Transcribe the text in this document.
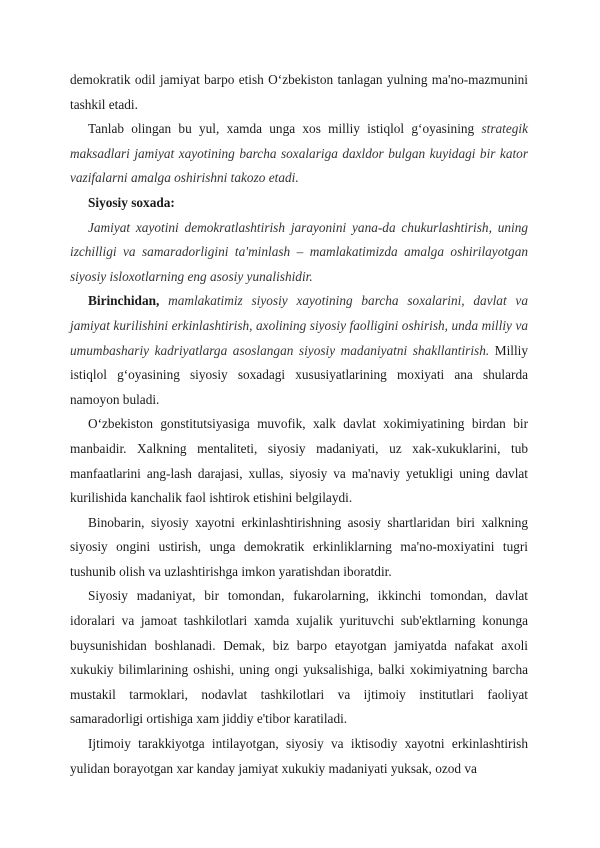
demokratik odil jamiyat barpo etish O‘zbekiston tanlagan yulning ma'no-mazmunini tashkil etadi.

Tanlab olingan bu yul, xamda unga xos milliy istiqlol g‘oyasining strategik maksadlari jamiyat xayotining barcha soxalariga daxldor bulgan kuyidagi bir kator vazifalarni amalga oshirishni takozo etadi.

Siyosiy soxada:

Jamiyat xayotini demokratlashtirish jarayonini yana-da chukurlashtirish, uning izchilligi va samaradorligini ta'minlash – mamlakatimizda amalga oshirilayotgan siyosiy isloxotlarning eng asosiy yunalishidir.

Birinchidan, mamlakatimiz siyosiy xayotining barcha soxalarini, davlat va jamiyat kurilishini erkinlashtirish, axolining siyosiy faolligini oshirish, unda milliy va umumbashariy kadriyatlarga asoslangan siyosiy madaniyatni shakllantirish. Milliy istiqlol g‘oyasining siyosiy soxadagi xususiyatlarining moxiyati ana shularda namoyon buladi.

O‘zbekiston gonstitutsiyasiga muvofik, xalk davlat xokimiyatining birdan bir manbaidir. Xalkning mentaliteti, siyosiy madaniyati, uz xak-xukuklarini, tub manfaatlarini ang-lash darajasi, xullas, siyosiy va ma'naviy yetukligi uning davlat kurilishida kanchalik faol ishtirok etishini belgilaydi.

Binobarin, siyosiy xayotni erkinlashtirishning asosiy shartlaridan biri xalkning siyosiy ongini ustirish, unga demokratik erkinliklarning ma'no-moxiyatini tugri tushunib olish va uzlashtirishga imkon yaratishdan iboratdir.

Siyosiy madaniyat, bir tomondan, fukarolarning, ikkinchi tomondan, davlat idoralari va jamoat tashkilotlari xamda xujalik yurituvchi sub'ektlarning konunga buysunishidan boshlanadi. Demak, biz barpo etayotgan jamiyatda nafakat axoli xukukiy bilimlarining oshishi, uning ongi yuksalishiga, balki xokimiyatning barcha mustakil tarmoklari, nodavlat tashkilotlari va ijtimoiy institutlari faoliyat samaradorligi ortishiga xam jiddiy e'tibor karatiladi.

Ijtimoiy tarakkiyotga intilayotgan, siyosiy va iktisodiy xayotni erkinlashtirish yulidan borayotgan xar kanday jamiyat xukukiy madaniyati yuksak, ozod va
